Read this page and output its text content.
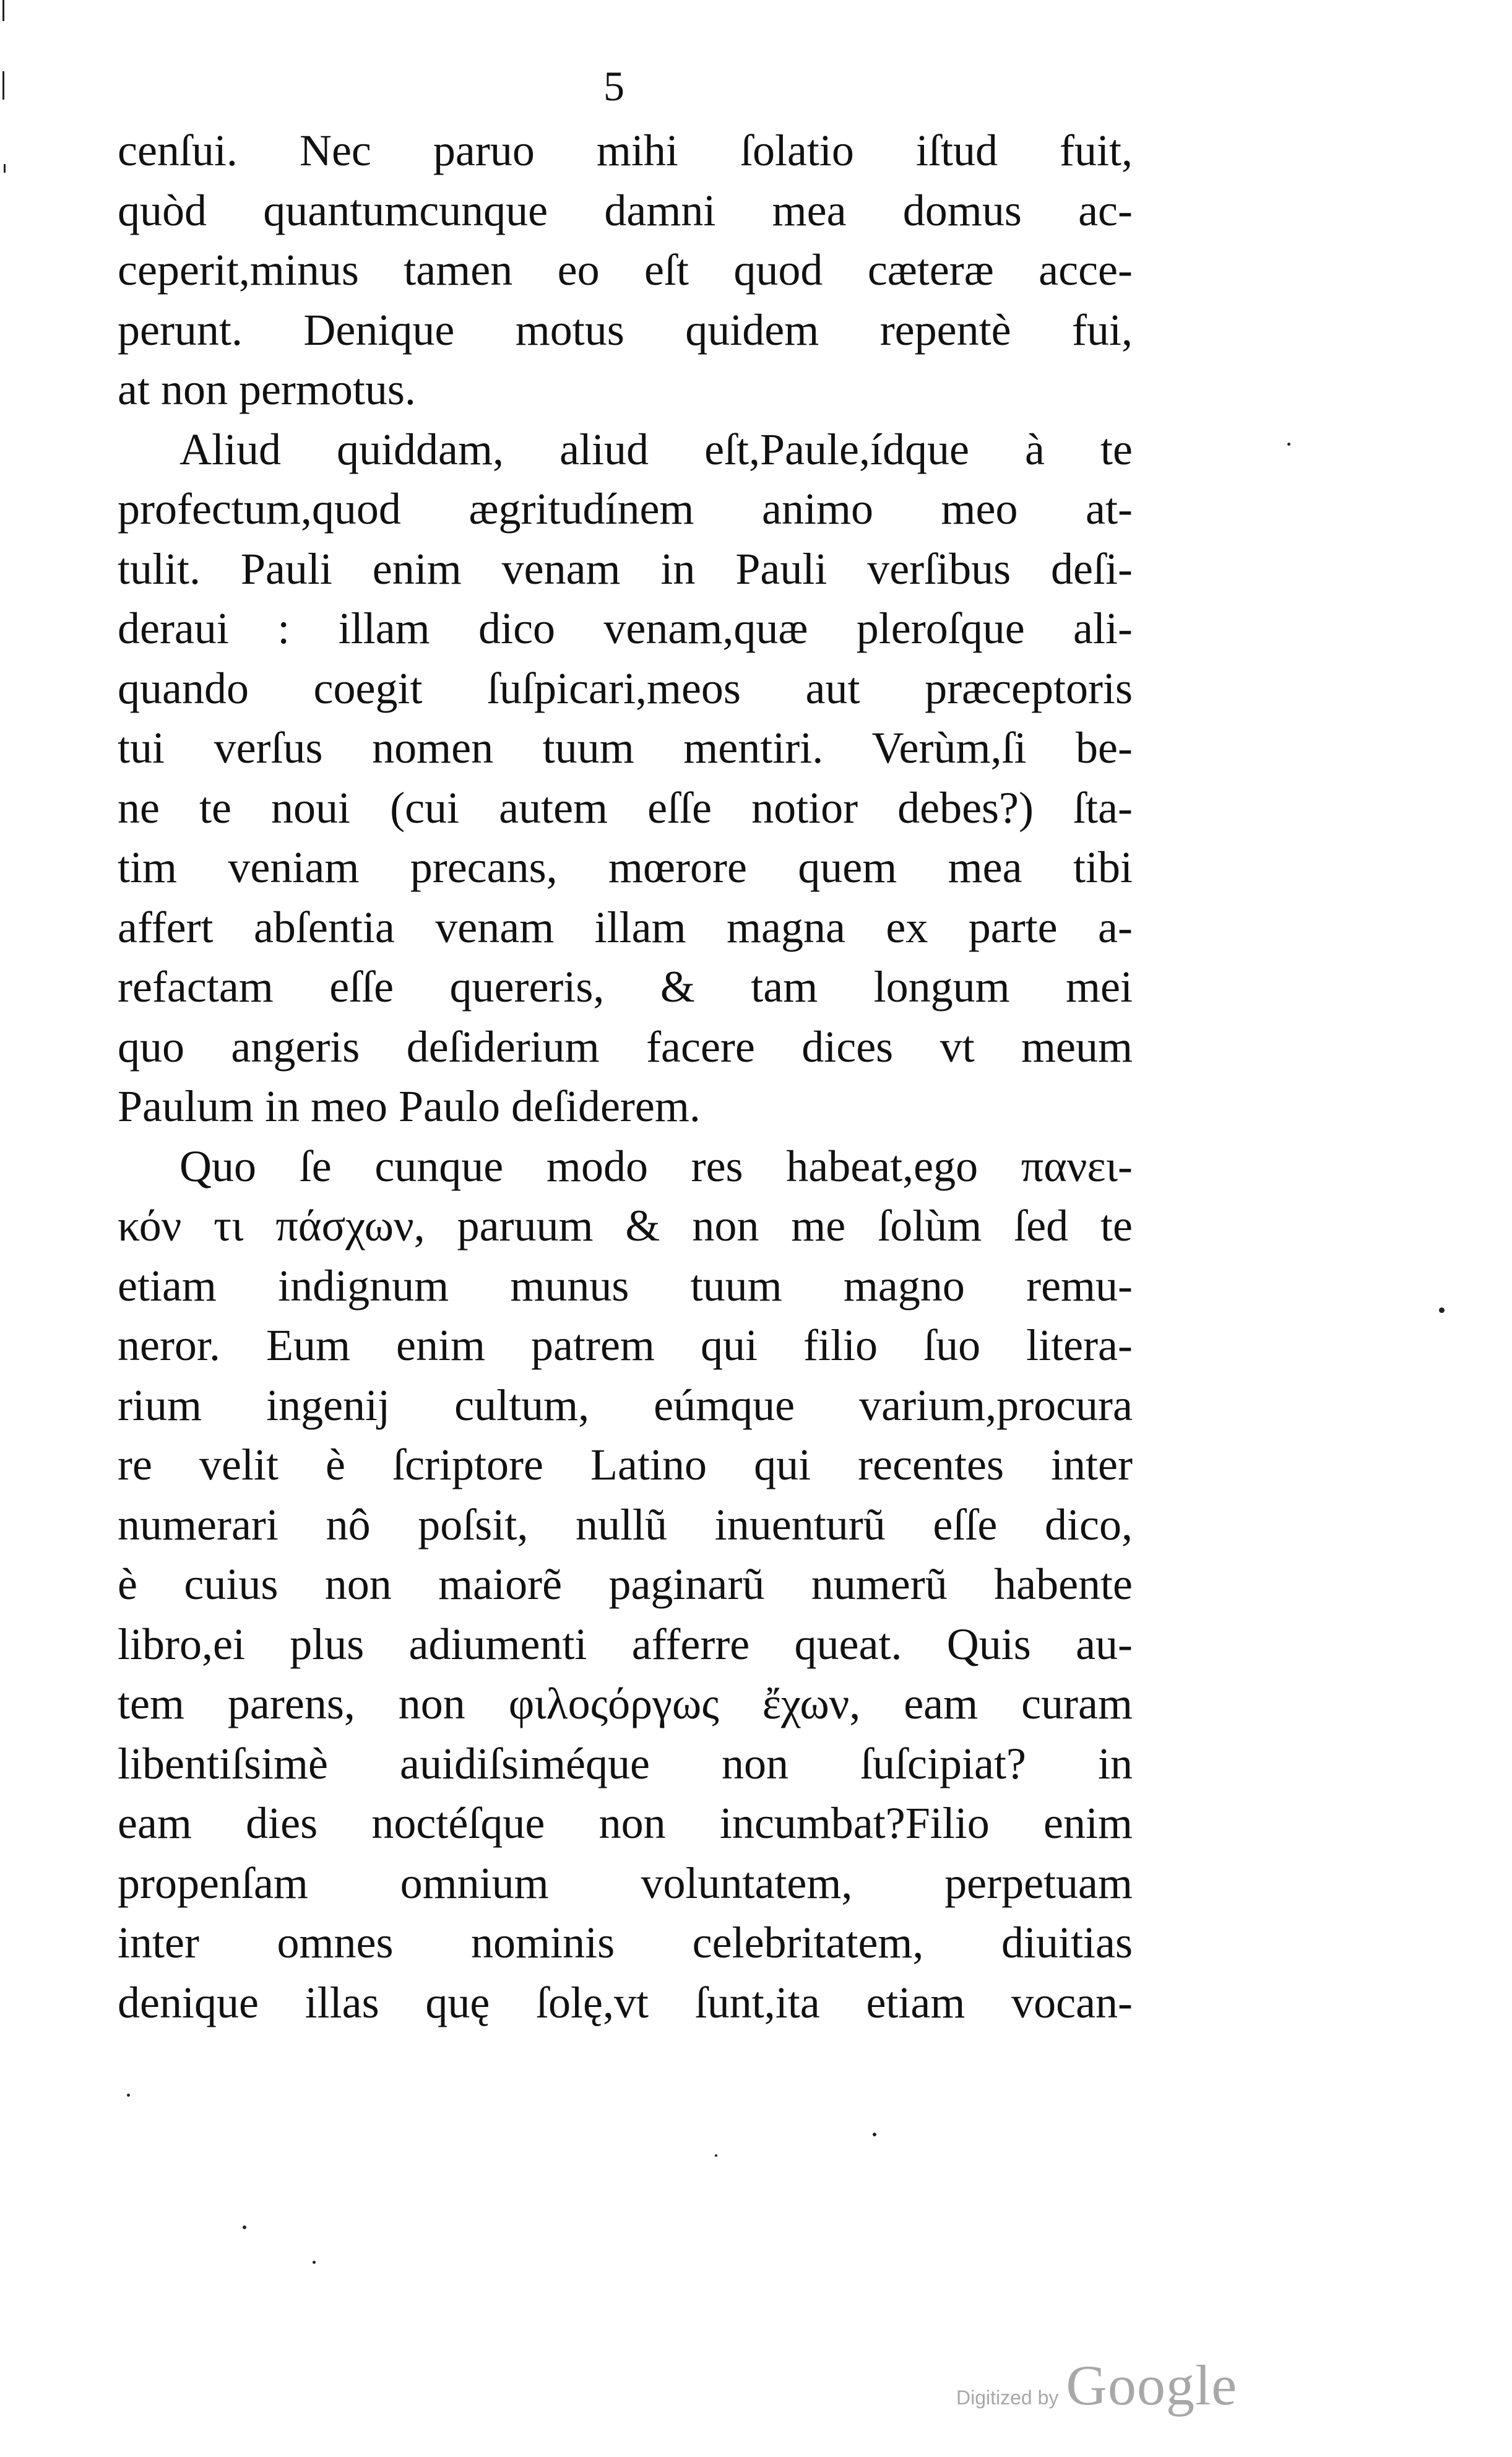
5
cenſui. Nec paruo mihi ſolatio iſtud fuit,
quòd quantumcunque damni mea domus ac-
ceperit,minus tamen eo eſt quod cæteræ acce-
perunt. Denique motus quidem repentè fui,
at non permotus.
Aliud quiddam, aliud eſt,Paule,ídque à te
profectum,quod ægritudínem animo meo at-
tulit. Pauli enim venam in Pauli verſibus deſi-
deraui : illam dico venam,quæ pleroſque ali-
quando coegit ſuſpicari,meos aut præceptoris
tui verſus nomen tuum mentiri. Verùm,ſi be-
ne te noui (cui autem eſſe notior debes?) ſta-
tim veniam precans, mœrore quem mea tibi
affert abſentia venam illam magna ex parte a-
refactam eſſe quereris, & tam longum mei
quo angeris deſiderium facere dices vt meum
Paulum in meo Paulo deſiderem.
Quo ſe cunque modo res habeat,ego πανει-
κόν τι πάσχων, paruum & non me ſolùm ſed te
etiam indignum munus tuum magno remu-
neror. Eum enim patrem qui filio ſuo litera-
rium ingenij cultum, eúmque varium,procura
re velit è ſcriptore Latino qui recentes inter
numerari nô poſsit, nullũ inuenturũ eſſe dico,
è cuius non maiorẽ paginarũ numerũ habente
libro,ei plus adiumenti afferre queat. Quis au-
tem parens, non φιλοςόργως ἔχων, eam curam
libentiſsimè auidiſsiméque non ſuſcipiat? in
eam dies noctéſque non incumbat?Filio enim
propenſam omnium voluntatem, perpetuam
inter omnes nominis celebritatem, diuitias
denique illas quę ſolę,vt ſunt,ita etiam vocan-
Digitized by Google
